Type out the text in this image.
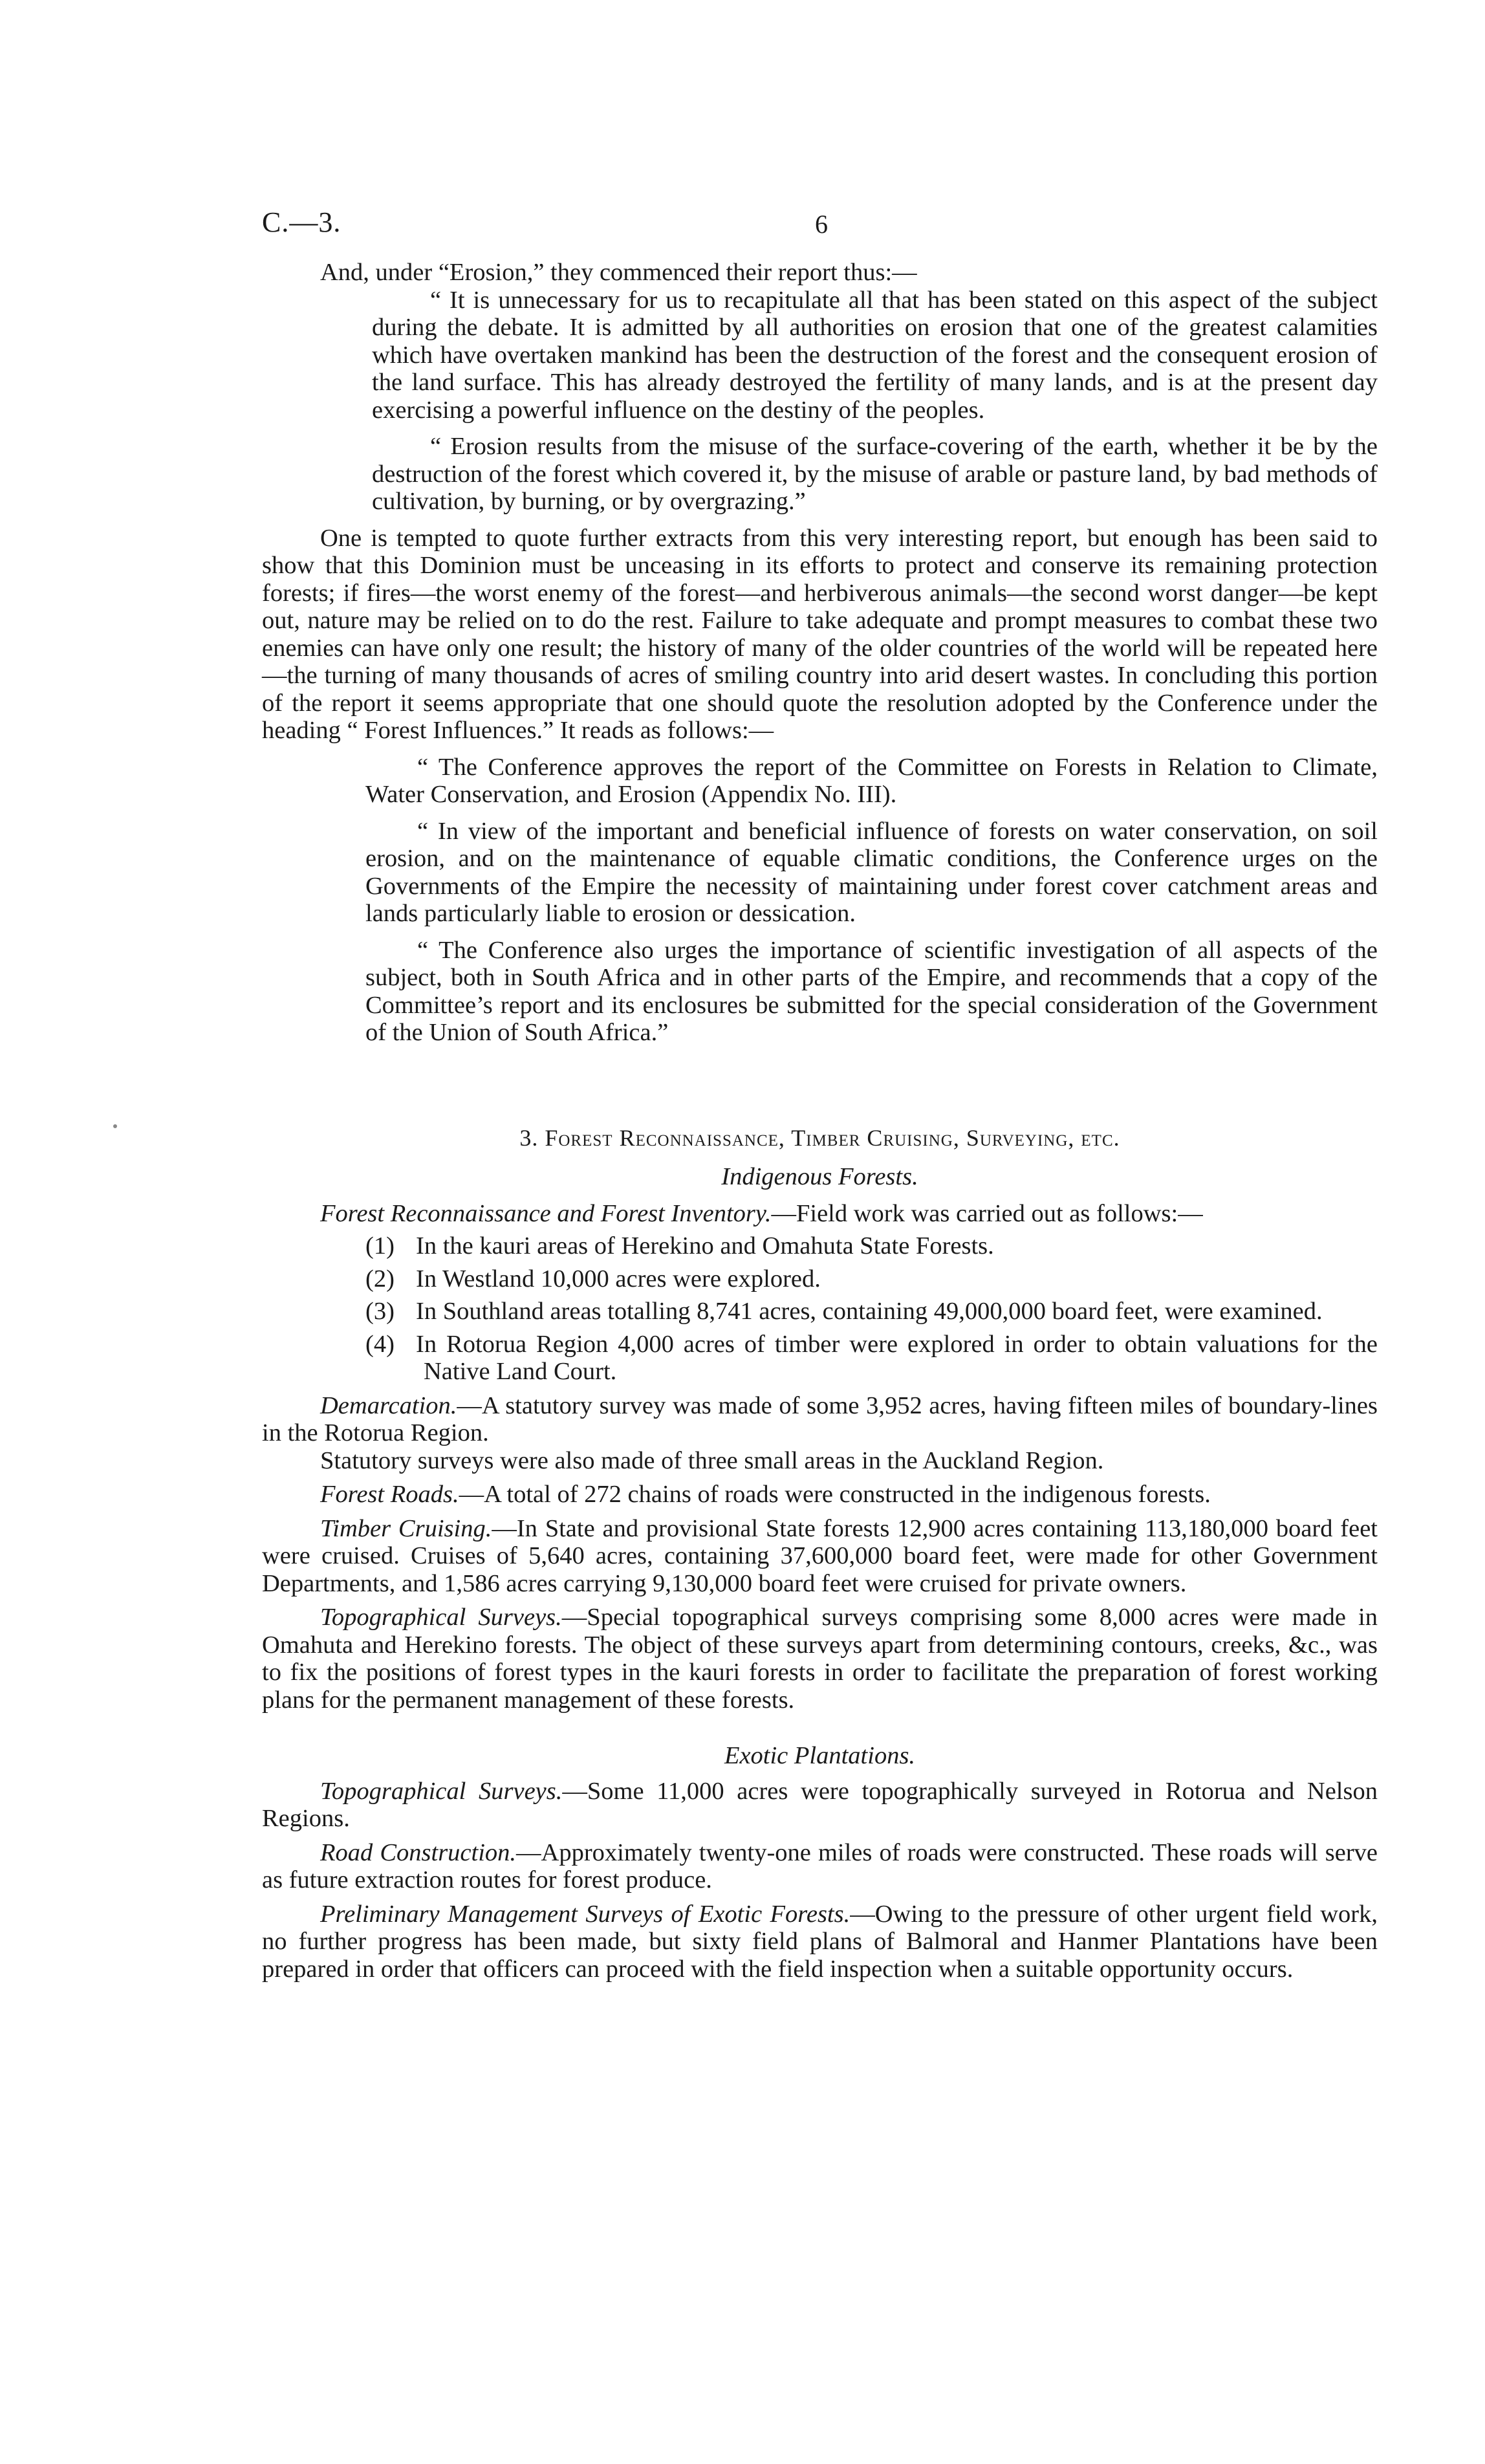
C.—3.	6

And, under “Erosion,” they commenced their report thus:—

“ It is unnecessary for us to recapitulate all that has been stated on this aspect of the subject during the debate. It is admitted by all authorities on erosion that one of the greatest calamities which have overtaken mankind has been the destruction of the forest and the consequent erosion of the land surface. This has already destroyed the fertility of many lands, and is at the present day exercising a powerful influence on the destiny of the peoples.

“ Erosion results from the misuse of the surface-covering of the earth, whether it be by the destruction of the forest which covered it, by the misuse of arable or pasture land, by bad methods of cultivation, by burning, or by overgrazing.”

One is tempted to quote further extracts from this very interesting report, but enough has been said to show that this Dominion must be unceasing in its efforts to protect and conserve its remaining protection forests; if fires—the worst enemy of the forest—and herbiverous animals—the second worst danger—be kept out, nature may be relied on to do the rest. Failure to take adequate and prompt measures to combat these two enemies can have only one result; the history of many of the older countries of the world will be repeated here—the turning of many thousands of acres of smiling country into arid desert wastes. In concluding this portion of the report it seems appropriate that one should quote the resolution adopted by the Conference under the heading “ Forest Influences.” It reads as follows:—

“ The Conference approves the report of the Committee on Forests in Relation to Climate, Water Conservation, and Erosion (Appendix No. III).

“ In view of the important and beneficial influence of forests on water conservation, on soil erosion, and on the maintenance of equable climatic conditions, the Conference urges on the Governments of the Empire the necessity of maintaining under forest cover catchment areas and lands particularly liable to erosion or dessication.

“ The Conference also urges the importance of scientific investigation of all aspects of the subject, both in South Africa and in other parts of the Empire, and recommends that a copy of the Committee’s report and its enclosures be submitted for the special consideration of the Government of the Union of South Africa.”

3. Forest Reconnaissance, Timber Cruising, Surveying, etc.
Indigenous Forests.

Forest Reconnaissance and Forest Inventory.—Field work was carried out as follows:—

(1) In the kauri areas of Herekino and Omahuta State Forests.
(2) In Westland 10,000 acres were explored.
(3) In Southland areas totalling 8,741 acres, containing 49,000,000 board feet, were examined.
(4) In Rotorua Region 4,000 acres of timber were explored in order to obtain valuations for the Native Land Court.

Demarcation.—A statutory survey was made of some 3,952 acres, having fifteen miles of boundary-lines in the Rotorua Region.

Statutory surveys were also made of three small areas in the Auckland Region.

Forest Roads.—A total of 272 chains of roads were constructed in the indigenous forests.

Timber Cruising.—In State and provisional State forests 12,900 acres containing 113,180,000 board feet were cruised. Cruises of 5,640 acres, containing 37,600,000 board feet, were made for other Government Departments, and 1,586 acres carrying 9,130,000 board feet were cruised for private owners.

Topographical Surveys.—Special topographical surveys comprising some 8,000 acres were made in Omahuta and Herekino forests. The object of these surveys apart from determining contours, creeks, &c., was to fix the positions of forest types in the kauri forests in order to facilitate the preparation of forest working plans for the permanent management of these forests.

Exotic Plantations.

Topographical Surveys.—Some 11,000 acres were topographically surveyed in Rotorua and Nelson Regions.

Road Construction.—Approximately twenty-one miles of roads were constructed. These roads will serve as future extraction routes for forest produce.

Preliminary Management Surveys of Exotic Forests.—Owing to the pressure of other urgent field work, no further progress has been made, but sixty field plans of Balmoral and Hanmer Plantations have been prepared in order that officers can proceed with the field inspection when a suitable opportunity occurs.
